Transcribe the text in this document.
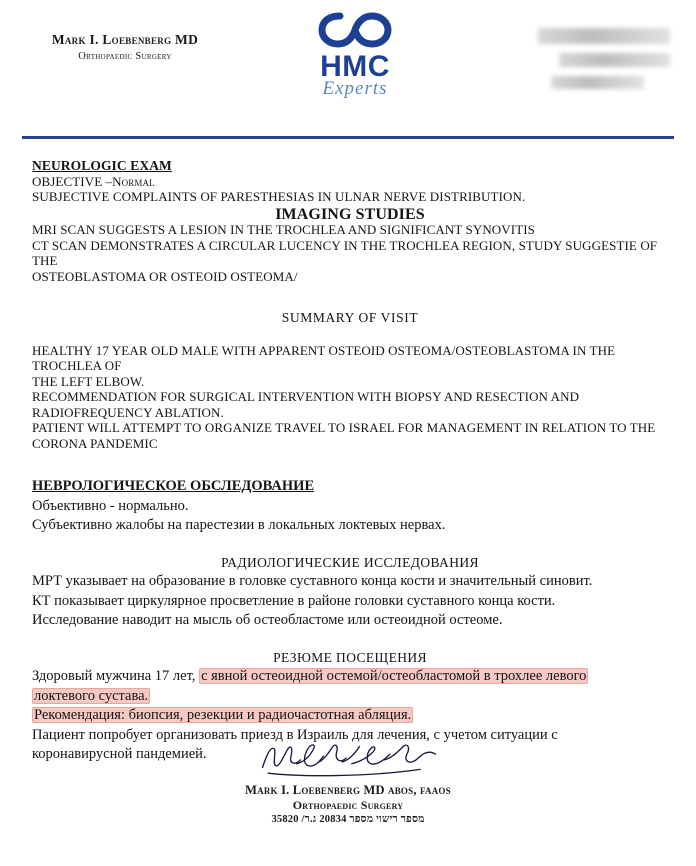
Mark I. Loebenberg MD
Orthopaedic Surgery	HMC
Experts
NEUROLOGIC EXAM
OBJECTIVE –Normal
SUBJECTIVE COMPLAINTS OF PARESTHESIAS IN ULNAR NERVE DISTRIBUTION.
IMAGING STUDIES
MRI SCAN SUGGESTS A LESION IN THE TROCHLEA AND SIGNIFICANT SYNOVITIS
CT SCAN DEMONSTRATES A CIRCULAR LUCENCY IN THE TROCHLEA REGION, STUDY SUGGESTIE OF THE
OSTEOBLASTOMA OR OSTEOID OSTEOMA/
SUMMARY OF VISIT
HEALTHY 17 YEAR OLD MALE WITH APPARENT OSTEOID OSTEOMA/OSTEOBLASTOMA IN THE TROCHLEA OF
THE LEFT ELBOW.
RECOMMENDATION FOR SURGICAL INTERVENTION WITH BIOPSY AND RESECTION AND
RADIOFREQUENCY ABLATION.
PATIENT WILL ATTEMPT TO ORGANIZE TRAVEL TO ISRAEL FOR MANAGEMENT IN RELATION TO THE
CORONA PANDEMIC
НЕВРОЛОГИЧЕСКОЕ ОБСЛЕДОВАНИЕ
Объективно - нормально.
Субъективно жалобы на парестезии в локальных локтевых нервах.
РАДИОЛОГИЧЕСКИЕ ИССЛЕДОВАНИЯ
МРТ указывает на образование в головке суставного конца кости и значительный синовит.
КТ показывает циркулярное просветление в районе головки суставного конца кости.
Исследование наводит на мысль об остеобластоме или остеоидной остеоме.
РЕЗЮМЕ ПОСЕЩЕНИЯ
Здоровый мужчина 17 лет, с явной остеоидной остемой/остеобластомой в трохлее левого
локтевого сустава.
Рекомендация: биопсия, резекции и радиочастотная абляция.
Пациент попробует организовать приезд в Израиль для лечения, с учетом ситуации с
коронавирусной пандемией.
Mark I. Loebenberg MD abos, faaos
Orthopaedic Surgery
מספר רישוי מספר 20834 ג.ר/ 35820
